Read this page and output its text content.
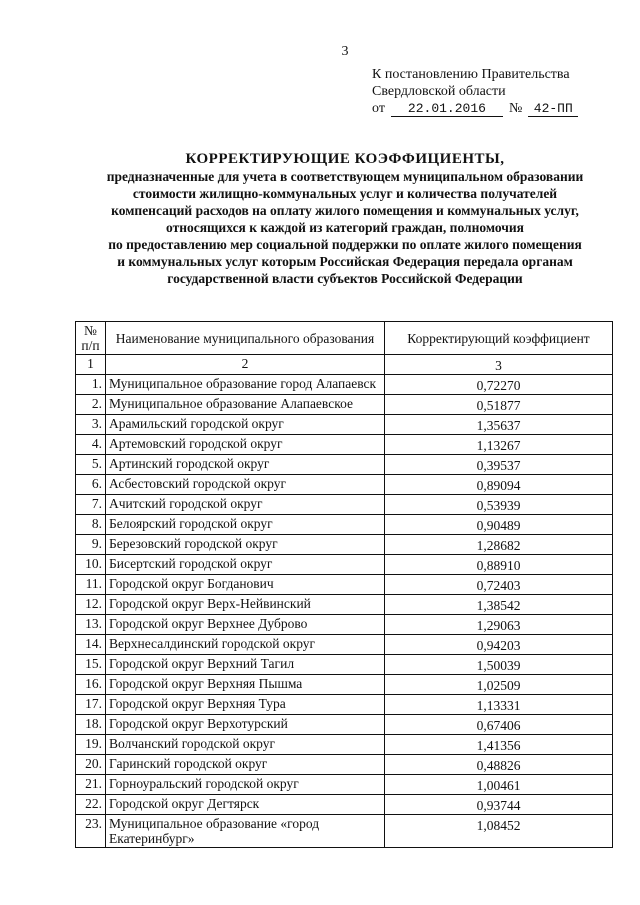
3
К постановлению Правительства
Свердловской области
от 22.01.2016 № 42-ПП
КОРРЕКТИРУЮЩИЕ КОЭФФИЦИЕНТЫ,
предназначенные для учета в соответствующем муниципальном образовании
стоимости жилищно-коммунальных услуг и количества получателей
компенсаций расходов на оплату жилого помещения и коммунальных услуг,
относящихся к каждой из категорий граждан, полномочия
по предоставлению мер социальной поддержки по оплате жилого помещения
и коммунальных услуг которым Российская Федерация передала органам
государственной власти субъектов Российской Федерации
№ п/п	Наименование муниципального образования	Корректирующий коэффициент
1	2	3
1.	Муниципальное образование город Алапаевск	0,72270
2.	Муниципальное образование Алапаевское	0,51877
3.	Арамильский городской округ	1,35637
4.	Артемовский городской округ	1,13267
5.	Артинский городской округ	0,39537
6.	Асбестовский городской округ	0,89094
7.	Ачитский городской округ	0,53939
8.	Белоярский городской округ	0,90489
9.	Березовский городской округ	1,28682
10.	Бисертский городской округ	0,88910
11.	Городской округ Богданович	0,72403
12.	Городской округ Верх-Нейвинский	1,38542
13.	Городской округ Верхнее Дуброво	1,29063
14.	Верхнесалдинский городской округ	0,94203
15.	Городской округ Верхний Тагил	1,50039
16.	Городской округ Верхняя Пышма	1,02509
17.	Городской округ Верхняя Тура	1,13331
18.	Городской округ Верхотурский	0,67406
19.	Волчанский городской округ	1,41356
20.	Гаринский городской округ	0,48826
21.	Горноуральский городской округ	1,00461
22.	Городской округ Дегтярск	0,93744
23.	Муниципальное образование «город Екатеринбург»	1,08452
